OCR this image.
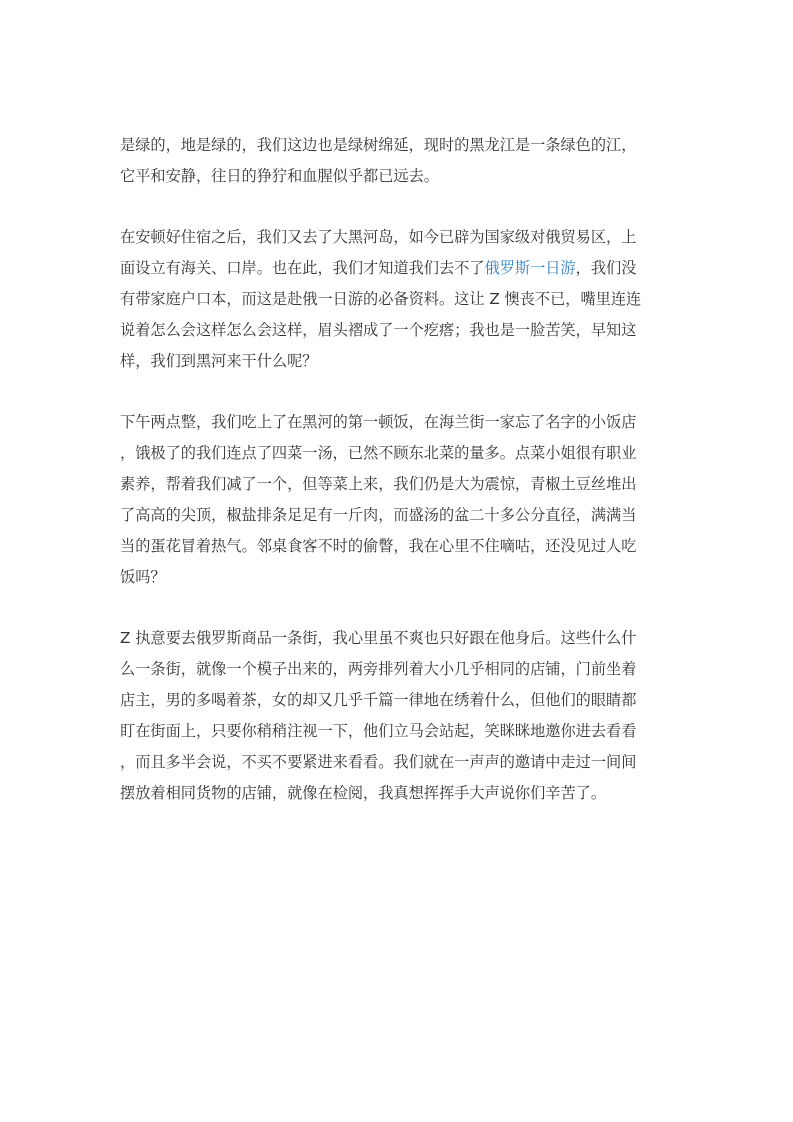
是绿的，地是绿的，我们这边也是绿树绵延，现时的黑龙江是一条绿色的江，
它平和安静，往日的狰狞和血腥似乎都已远去。
在安顿好住宿之后，我们又去了大黑河岛，如今已辟为国家级对俄贸易区，上
面设立有海关、口岸。也在此，我们才知道我们去不了俄罗斯一日游，我们没
有带家庭户口本，而这是赴俄一日游的必备资料。这让 Z 懊丧不已，嘴里连连
说着怎么会这样怎么会这样，眉头褶成了一个疙瘩；我也是一脸苦笑，早知这
样，我们到黑河来干什么呢？
下午两点整，我们吃上了在黑河的第一顿饭，在海兰街一家忘了名字的小饭店
，饿极了的我们连点了四菜一汤，已然不顾东北菜的量多。点菜小姐很有职业
素养，帮着我们减了一个，但等菜上来，我们仍是大为震惊，青椒土豆丝堆出
了高高的尖顶，椒盐排条足足有一斤肉，而盛汤的盆二十多公分直径，满满当
当的蛋花冒着热气。邻桌食客不时的偷瞥，我在心里不住嘀咕，还没见过人吃
饭吗？
Z 执意要去俄罗斯商品一条街，我心里虽不爽也只好跟在他身后。这些什么什
么一条街，就像一个模子出来的，两旁排列着大小几乎相同的店铺，门前坐着
店主，男的多喝着茶，女的却又几乎千篇一律地在绣着什么，但他们的眼睛都
盯在街面上，只要你稍稍注视一下，他们立马会站起，笑眯眯地邀你进去看看
，而且多半会说，不买不要紧进来看看。我们就在一声声的邀请中走过一间间
摆放着相同货物的店铺，就像在检阅，我真想挥挥手大声说你们辛苦了。
